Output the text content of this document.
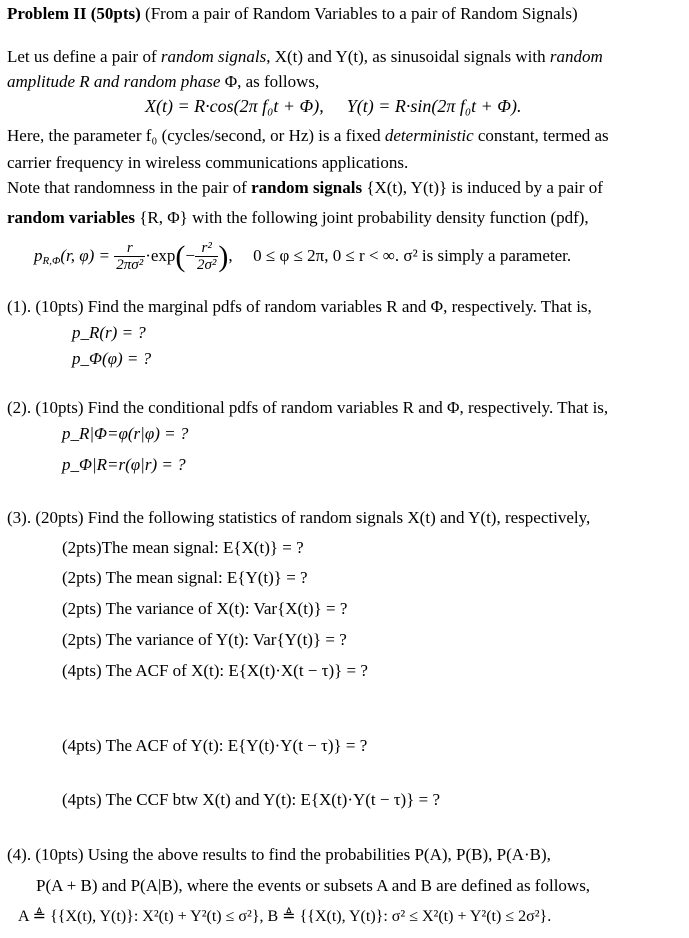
Problem II (50pts) (From a pair of Random Variables to a pair of Random Signals)
Let us define a pair of random signals, X(t) and Y(t), as sinusoidal signals with random
amplitude R and random phase Φ, as follows,
X(t) = R·cos(2π f₀t + Φ), Y(t) = R·sin(2π f₀t + Φ).
Here, the parameter f₀ (cycles/second, or Hz) is a fixed deterministic constant, termed as
carrier frequency in wireless communications applications.
Note that randomness in the pair of random signals {X(t), Y(t)} is induced by a pair of
random variables {R, Φ} with the following joint probability density function (pdf),
$p_{R,\Phi}(r$, $\varphi) = \frac{r}{\text{2πσ²}} \cdot\exp(- \frac{\text{r²}}{\text{2σ²}}$ ),  0 ≤ φ ≤ 2π, 0 ≤ r < ∞. σ² is simply a parameter.
(1). (10pts) Find the marginal pdfs of random variables R and Φ, respectively. That is,
p_R(r) = ?
p_Φ(φ) = ?
(2). (10pts) Find the conditional pdfs of random variables R and Φ, respectively. That is,
p_R|Φ=φ(r|φ) = ?
p_Φ|R=r(φ|r) = ?
(3). (20pts) Find the following statistics of random signals X(t) and Y(t), respectively,
(2pts)The mean signal: E{X(t)} = ?
(2pts) The mean signal: E{Y(t)} = ?
(2pts) The variance of X(t): Var{X(t)} = ?
(2pts) The variance of Y(t): Var{Y(t)} = ?
(4pts) The ACF of X(t): E{X(t)·X(t − τ)} = ?
(4pts) The ACF of Y(t): E{Y(t)·Y(t − τ)} = ?
(4pts) The CCF btw X(t) and Y(t): E{X(t)·Y(t − τ)} = ?
(4). (10pts) Using the above results to find the probabilities P(A), P(B), P(A·B),
P(A + B) and P(A|B), where the events or subsets A and B are defined as follows,
A ≜ {{X(t), Y(t)}: X²(t) + Y²(t) ≤ σ²}, B ≜ {{X(t), Y(t)}: σ² ≤ X²(t) + Y²(t) ≤ 2σ²}.
